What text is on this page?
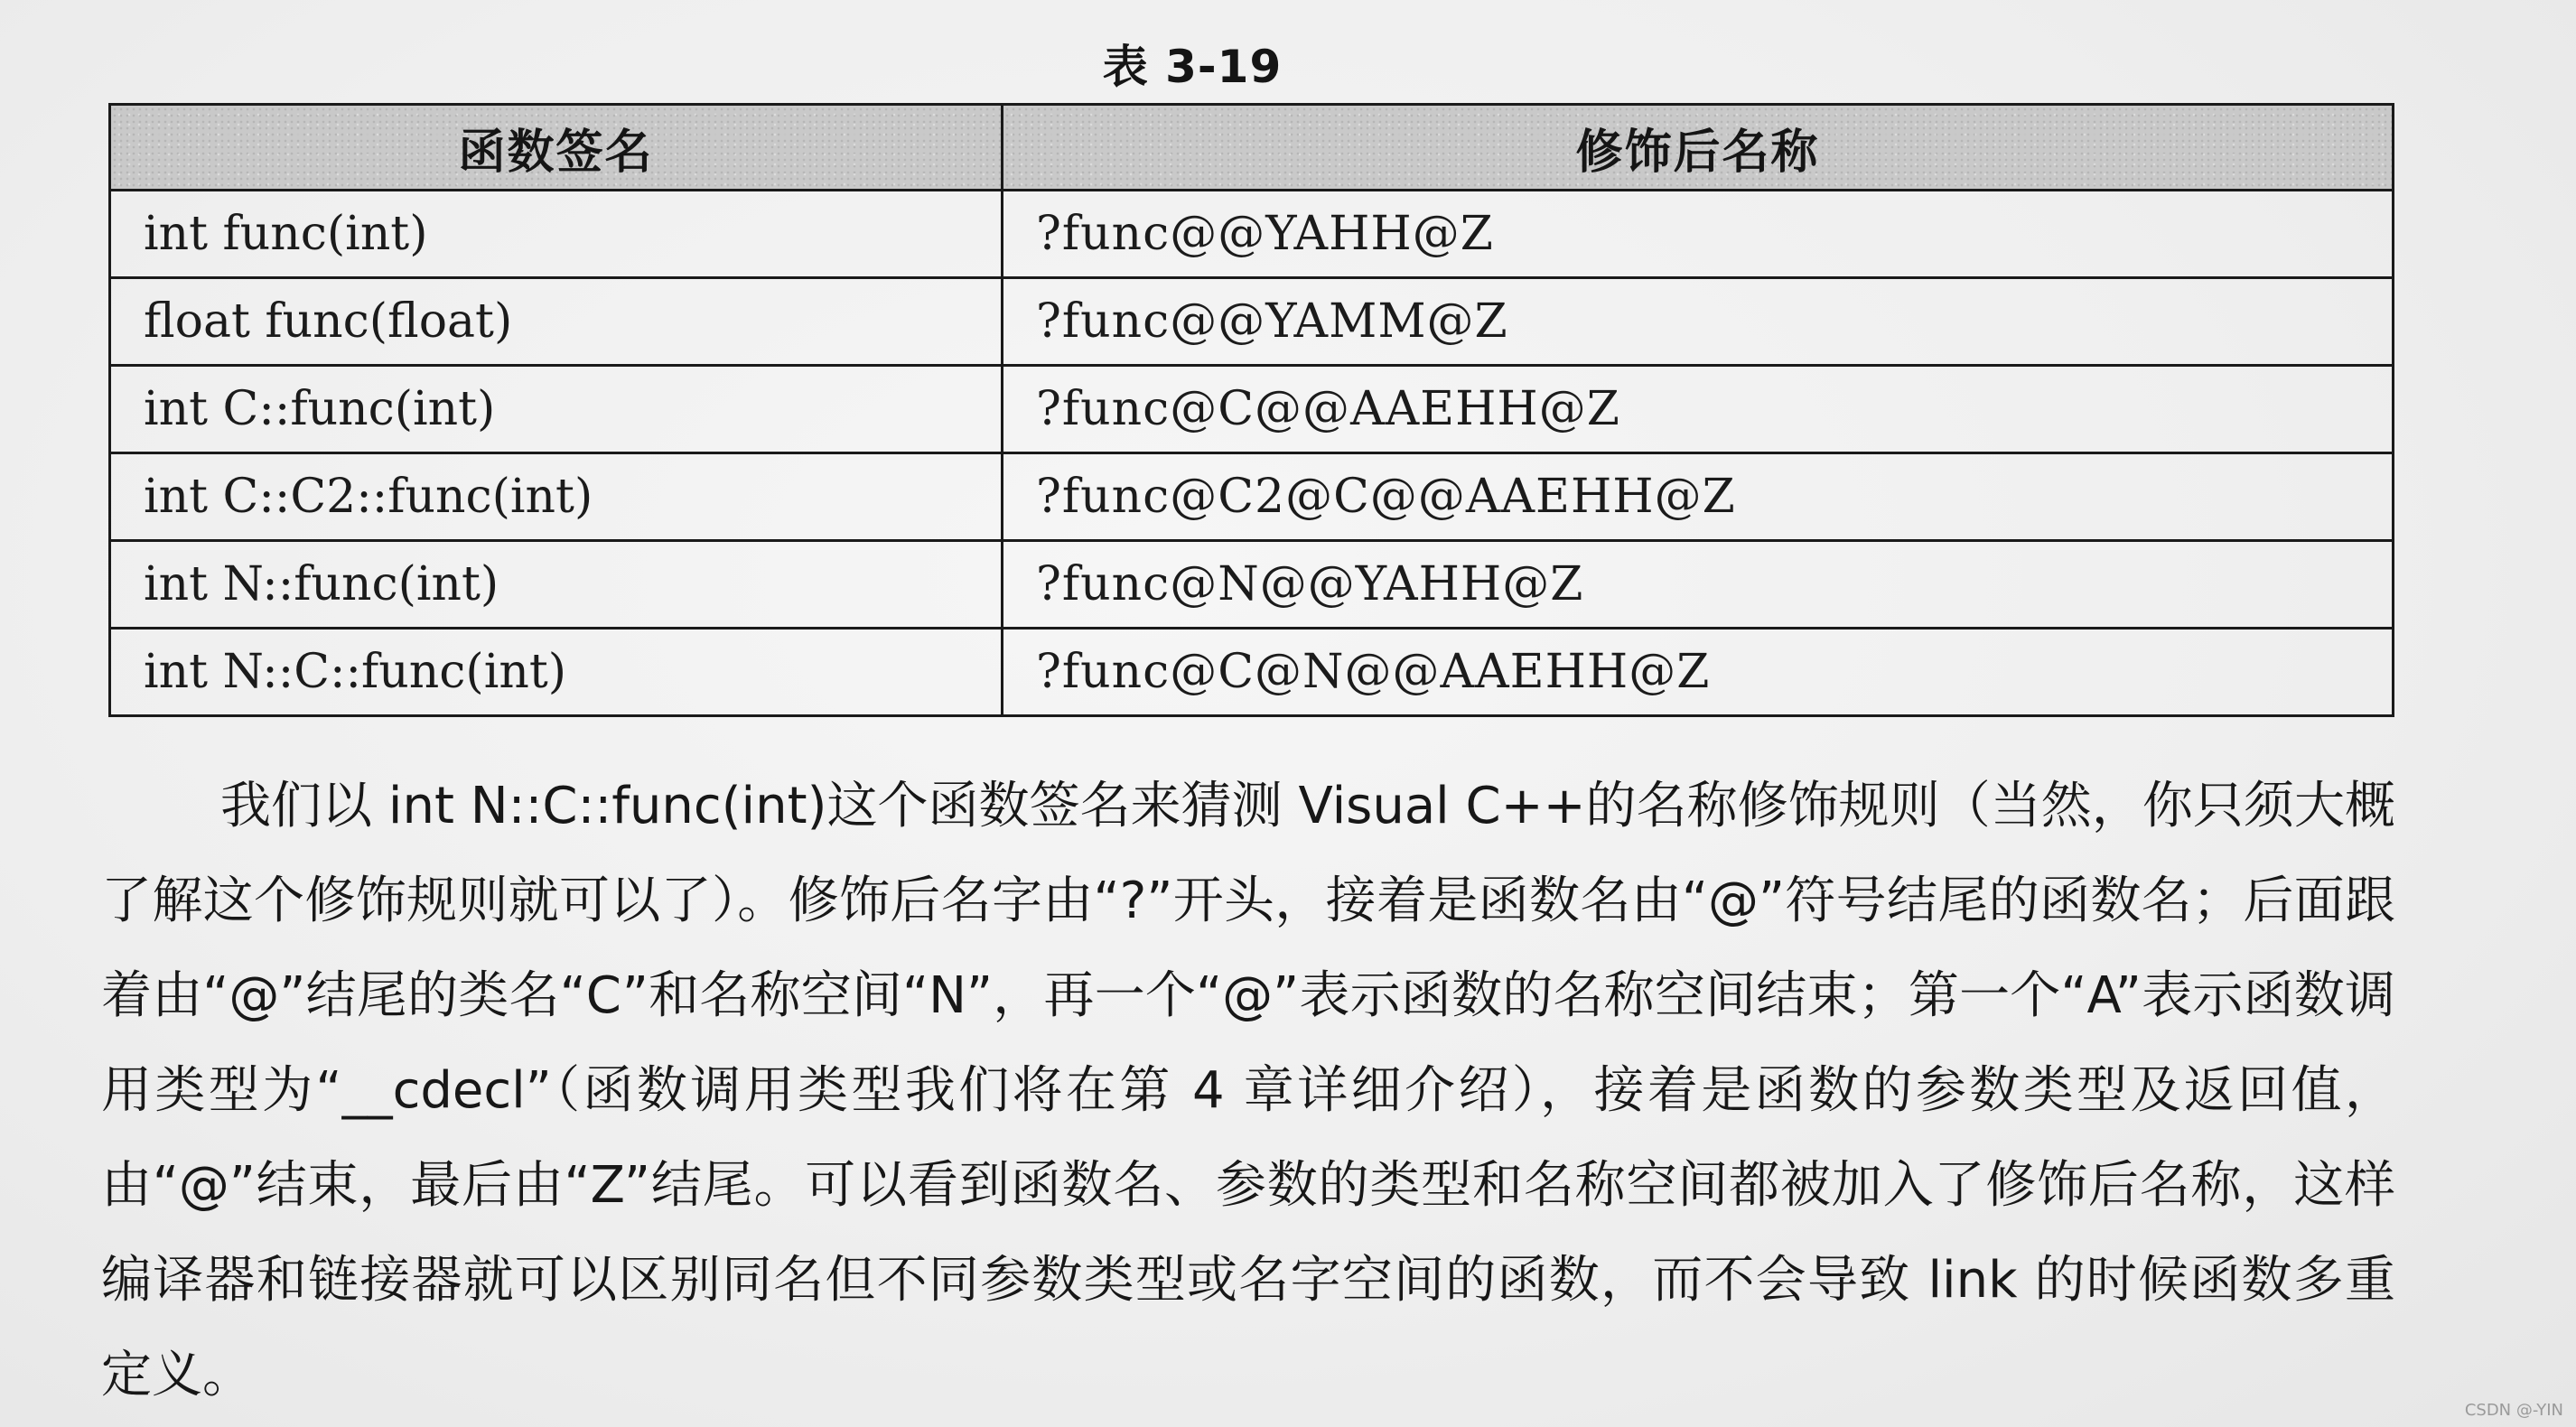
表 3-19
函数签名	修饰后名称
int func(int)	?func@@YAHH@Z
float func(float)	?func@@YAMM@Z
int C::func(int)	?func@C@@AAEHH@Z
int C::C2::func(int)	?func@C2@C@@AAEHH@Z
int N::func(int)	?func@N@@YAHH@Z
int N::C::func(int)	?func@C@N@@AAEHH@Z

我们以 int N::C::func(int)这个函数签名来猜测 Visual C++的名称修饰规则（当然，你只须大概了解这个修饰规则就可以了）。修饰后名字由“?”开头，接着是函数名由“@”符号结尾的函数名；后面跟着由“@”结尾的类名“C”和名称空间“N”，再一个“@”表示函数的名称空间结束；第一个“A”表示函数调用类型为“__cdecl”（函数调用类型我们将在第 4 章详细介绍），接着是函数的参数类型及返回值，由“@”结束，最后由“Z”结尾。可以看到函数名、参数的类型和名称空间都被加入了修饰后名称，这样编译器和链接器就可以区别同名但不同参数类型或名字空间的函数，而不会导致 link 的时候函数多重定义。

CSDN @-YIN
